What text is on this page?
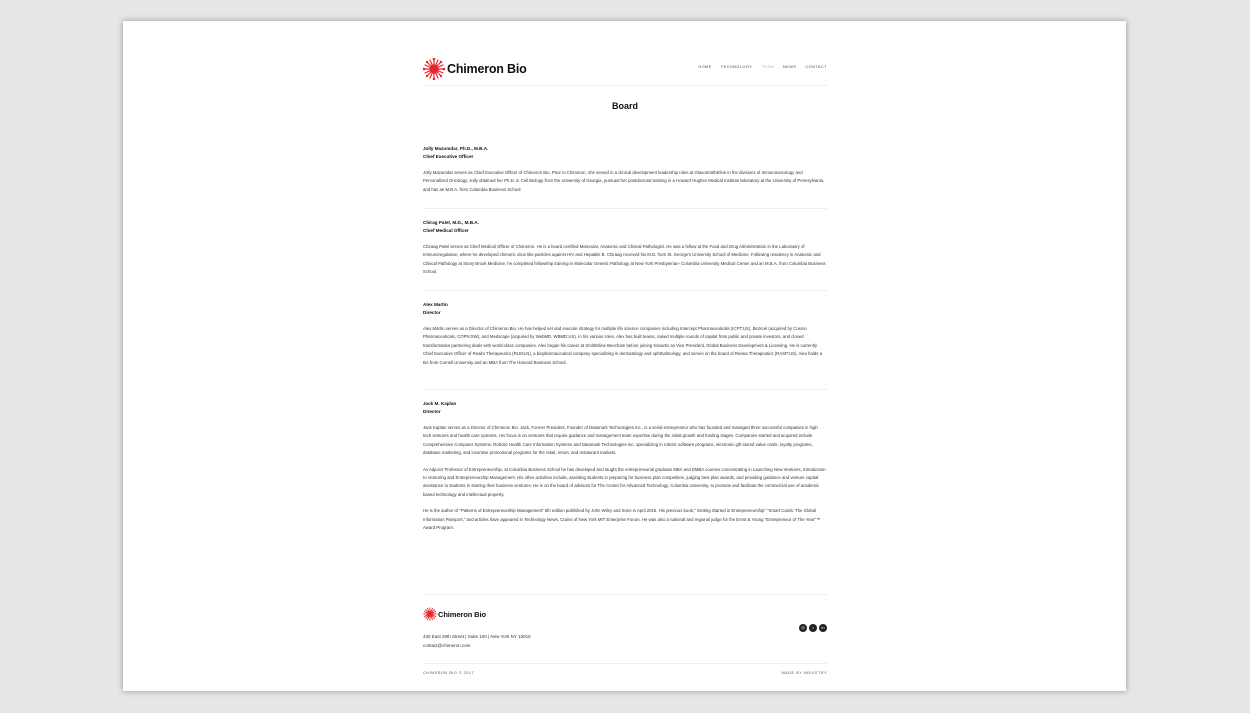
Chimeron Bio	HOME TECHNOLOGY TEAM NEWS CONTACT
Board
Jolly Mazumdar, Ph.D., M.B.A.
Chief Executive Officer

Jolly Mazumdar serves as Chief Executive Officer of Chimeron Bio. Prior to Chimeron, she served in a clinical development leadership roles at GlaxoSmithKline in the divisions of Immunooncology and Personalized Oncology. Jolly obtained her Ph.D. in Cell Biology from the University of Georgia, pursued her postdoctoral training in a Howard Hughes Medical Institute laboratory at the University of Pennsylvania, and has an M.B.A. from Columbia Business School.

Chirag Patel, M.D., M.B.A.
Chief Medical Officer

Chiraag Patel serves as Chief Medical Officer of Chimeron. He is a board certified Molecular, Anatomic and Clinical Pathologist. He was a fellow at the Food and Drug Administration in the Laboratory of Immunoregulation, where he developed chimeric virus like particles against HIV and Hepatitis B. Chiraag received his M.D. from St. George's University School of Medicine. Following residency in Anatomic and Clinical Pathology at Stony Brook Medicine, he completed fellowship training in Molecular Genetic Pathology at New York Presbyterian- Columbia University Medical Center and an M.B.A. from Columbia Business School.

Alex Martin
Director

Alex Martin serves as a Director of Chimeron Bio. He has helped set and execute strategy for multiple life science companies including Intercept Pharmaceuticals (ICPT:US), BioXcel (acquired by Cosmo Pharmaceuticals, COPN:SW), and Medscape (acquired by WebMD, WBMD:US). In his various roles, Alex has built teams, raised multiple rounds of capital from public and private investors, and closed transformative partnering deals with world-class companies. Alex began his career at SmithKline Beecham before joining Novartis as Vice President, Global Business Development & Licensing. He is currently Chief Executive Officer of Realm Therapeutics (RLM:LN), a biopharmaceutical company specializing in dermatology and ophthalmology, and serves on the board of Reana Therapeutics (RASP:US). Alex holds a BA from Cornell University and an MBA from The Harvard Business School.

Jack M. Kaplan
Director

Jack Kaplan serves as a Director of Chimeron Bio. Jack, Former President, Founder of Datamark Technologies Inc., is a serial entrepreneur who has founded and managed three successful companies in high tech ventures and health care systems. His focus is on ventures that require guidance and management team expertise during the initial growth and funding stages. Companies started and acquired include Comprehensive Computer Systems, Robotic Health Care Information Systems and Datamark Technologies Inc. specializing in robotic software programs, electronic gift stored value cards, loyalty programs, database marketing, and incentive promotional programs for the retail, resort, and restaurant markets.

As Adjunct Professor of Entrepreneurship, at Columbia Business School he has developed and taught the entrepreneurial graduate MBA and EMBA courses concentrating in Launching New Ventures, Introduction to Venturing and Entrepreneurship Management. His other activities include, assisting students in preparing for business plan competition, judging best plan awards, and providing guidance and venture capital assistance to students in starting their business ventures. He is on the board of advisors for The Center for Advanced Technology, Columbia University, to promote and facilitate the commercial use of academic based technology and intellectual property.

He is the author of "Patterns of Entrepreneurship Management" 5th edition published by John Wiley and Sons in April 2016. His previous book," Getting Started in Entrepreneurship" "Smart Cards: The Global Information Passport," and articles have appeared in Technology News, Crains of New York MIT Enterprise Forum. He was also a national and regional judge for the Ernst & Young "Entrepreneur of The Year"™ Award Program.

Chimeron Bio
430 East 29th Street | Suite 100 | New York NY 10016
contact@chimeron.com
◎	t	in
CHIMERON BIO © 2017	MADE BY INDUSTRY
